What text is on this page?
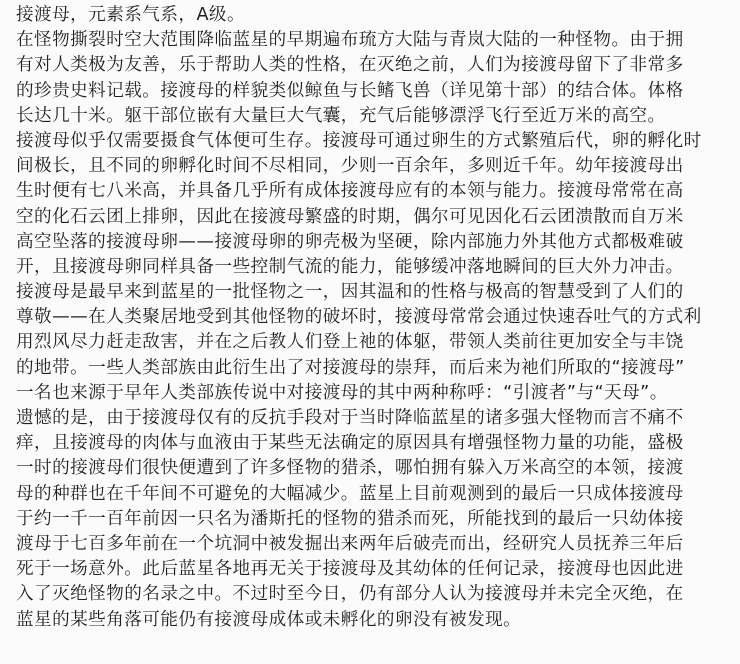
接渡母，元素系气系，A级。
在怪物撕裂时空大范围降临蓝星的早期遍布琉方大陆与青岚大陆的一种怪物。由于拥
有对人类极为友善，乐于帮助人类的性格，在灭绝之前，人们为接渡母留下了非常多
的珍贵史料记载。接渡母的样貌类似鲸鱼与长鳍飞兽（详见第十部）的结合体。体格
长达几十米。躯干部位嵌有大量巨大气囊，充气后能够漂浮飞行至近万米的高空。
接渡母似乎仅需要摄食气体便可生存。接渡母可通过卵生的方式繁殖后代，卵的孵化时
间极长，且不同的卵孵化时间不尽相同，少则一百余年，多则近千年。幼年接渡母出
生时便有七八米高，并具备几乎所有成体接渡母应有的本领与能力。接渡母常常在高
空的化石云团上排卵，因此在接渡母繁盛的时期，偶尔可见因化石云团溃散而自万米
高空坠落的接渡母卵——接渡母卵的卵壳极为坚硬，除内部施力外其他方式都极难破
开，且接渡母卵同样具备一些控制气流的能力，能够缓冲落地瞬间的巨大外力冲击。
接渡母是最早来到蓝星的一批怪物之一，因其温和的性格与极高的智慧受到了人们的
尊敬——在人类聚居地受到其他怪物的破坏时，接渡母常常会通过快速吞吐气的方式利
用烈风尽力赶走敌害，并在之后教人们登上祂的体躯，带领人类前往更加安全与丰饶
的地带。一些人类部族由此衍生出了对接渡母的崇拜，而后来为祂们所取的“接渡母”
一名也来源于早年人类部族传说中对接渡母的其中两种称呼：“引渡者”与“天母”。
遗憾的是，由于接渡母仅有的反抗手段对于当时降临蓝星的诸多强大怪物而言不痛不
痒，且接渡母的肉体与血液由于某些无法确定的原因具有增强怪物力量的功能，盛极
一时的接渡母们很快便遭到了许多怪物的猎杀，哪怕拥有躲入万米高空的本领，接渡
母的种群也在千年间不可避免的大幅减少。蓝星上目前观测到的最后一只成体接渡母
于约一千一百年前因一只名为潘斯托的怪物的猎杀而死，所能找到的最后一只幼体接
渡母于七百多年前在一个坑洞中被发掘出来两年后破壳而出，经研究人员抚养三年后
死于一场意外。此后蓝星各地再无关于接渡母及其幼体的任何记录，接渡母也因此进
入了灭绝怪物的名录之中。不过时至今日，仍有部分人认为接渡母并未完全灭绝，在
蓝星的某些角落可能仍有接渡母成体或未孵化的卵没有被发现。
